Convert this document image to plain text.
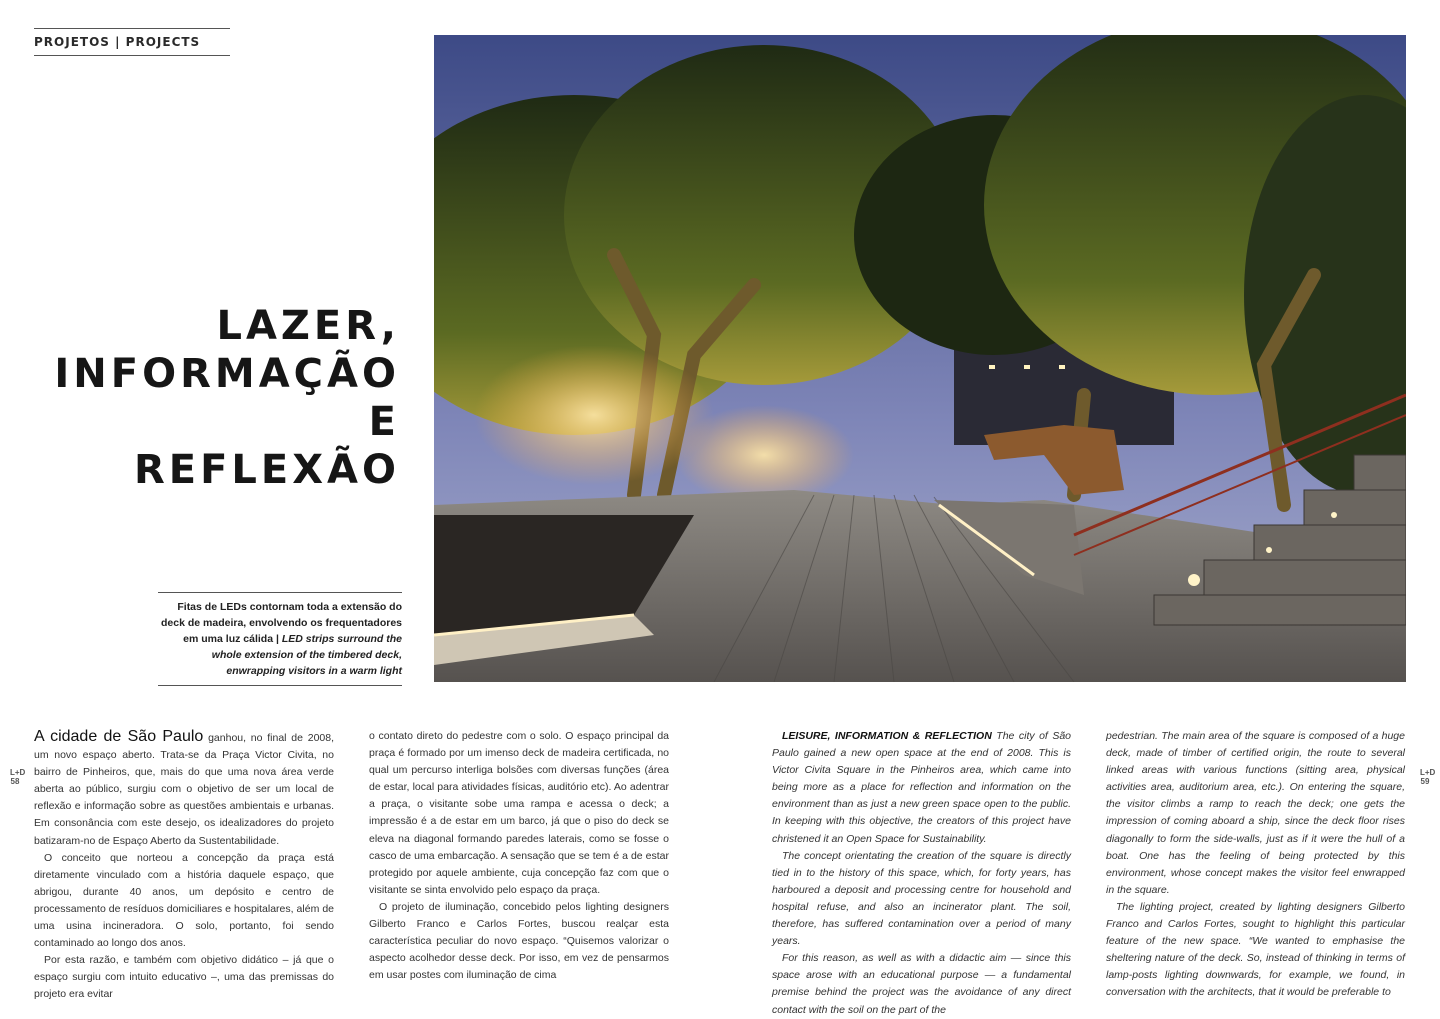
PROJETOS | PROJECTS
LAZER,
INFORMAÇÃO E
REFLEXÃO
Fitas de LEDs contornam toda a extensão do deck de madeira, envolvendo os frequentadores em uma luz cálida | LED strips surround the whole extension of the timbered deck, enwrapping visitors in a warm light

A cidade de São Paulo ganhou, no final de 2008, um novo espaço aberto. Trata-se da Praça Victor Civita, no bairro de Pinheiros, que, mais do que uma nova área verde aberta ao público, surgiu com o objetivo de ser um local de reflexão e informação sobre as questões ambientais e urbanas. Em consonância com este desejo, os idealizadores do projeto batizaram-no de Espaço Aberto da Sustentabilidade.

O conceito que norteou a concepção da praça está diretamente vinculado com a história daquele espaço, que abrigou, durante 40 anos, um depósito e centro de processamento de resíduos domiciliares e hospitalares, além de uma usina incineradora. O solo, portanto, foi sendo contaminado ao longo dos anos.

Por esta razão, e também com objetivo didático – já que o espaço surgiu com intuito educativo –, uma das premissas do projeto era evitar

o contato direto do pedestre com o solo. O espaço principal da praça é formado por um imenso deck de madeira certificada, no qual um percurso interliga bolsões com diversas funções (área de estar, local para atividades físicas, auditório etc). Ao adentrar a praça, o visitante sobe uma rampa e acessa o deck; a impressão é a de estar em um barco, já que o piso do deck se eleva na diagonal formando paredes laterais, como se fosse o casco de uma embarcação. A sensação que se tem é a de estar protegido por aquele ambiente, cuja concepção faz com que o visitante se sinta envolvido pelo espaço da praça.

O projeto de iluminação, concebido pelos lighting designers Gilberto Franco e Carlos Fortes, buscou realçar esta característica peculiar do novo espaço. “Quisemos valorizar o aspecto acolhedor desse deck. Por isso, em vez de pensarmos em usar postes com iluminação de cima

LEISURE, INFORMATION & REFLECTION The city of São Paulo gained a new open space at the end of 2008. This is Victor Civita Square in the Pinheiros area, which came into being more as a place for reflection and information on the environment than as just a new green space open to the public. In keeping with this objective, the creators of this project have christened it an Open Space for Sustainability.

The concept orientating the creation of the square is directly tied in to the history of this space, which, for forty years, has harboured a deposit and processing centre for household and hospital refuse, and also an incinerator plant. The soil, therefore, has suffered contamination over a period of many years.

For this reason, as well as with a didactic aim — since this space arose with an educational purpose — a fundamental premise behind the project was the avoidance of any direct contact with the soil on the part of the

pedestrian. The main area of the square is composed of a huge deck, made of timber of certified origin, the route to several linked areas with various functions (sitting area, physical activities area, auditorium area, etc.). On entering the square, the visitor climbs a ramp to reach the deck; one gets the impression of coming aboard a ship, since the deck floor rises diagonally to form the side-walls, just as if it were the hull of a boat. One has the feeling of being protected by this environment, whose concept makes the visitor feel enwrapped in the square.

The lighting project, created by lighting designers Gilberto Franco and Carlos Fortes, sought to highlight this particular feature of the new space. “We wanted to emphasise the sheltering nature of the deck. So, instead of thinking in terms of lamp-posts lighting downwards, for example, we found, in conversation with the architects, that it would be preferable to

L+D
58
L+D
59
